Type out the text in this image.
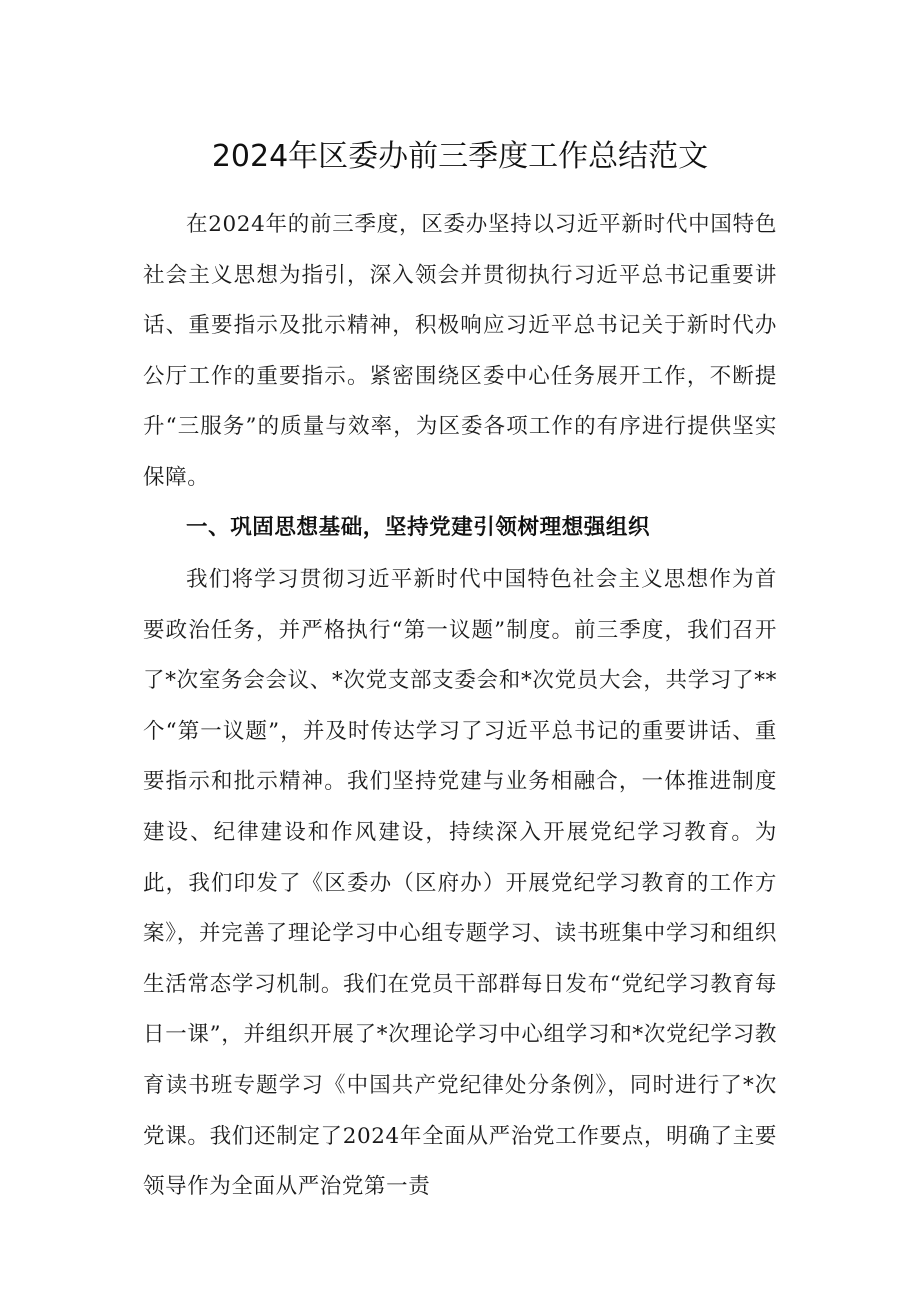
2024年区委办前三季度工作总结范文

在2024年的前三季度，区委办坚持以习近平新时代中国特色社会主义思想为指引，深入领会并贯彻执行习近平总书记重要讲话、重要指示及批示精神，积极响应习近平总书记关于新时代办公厅工作的重要指示。紧密围绕区委中心任务展开工作，不断提升“三服务”的质量与效率，为区委各项工作的有序进行提供坚实保障。

一、巩固思想基础，坚持党建引领树理想强组织

我们将学习贯彻习近平新时代中国特色社会主义思想作为首要政治任务，并严格执行“第一议题”制度。前三季度，我们召开了*次室务会会议、*次党支部支委会和*次党员大会，共学习了**个“第一议题”，并及时传达学习了习近平总书记的重要讲话、重要指示和批示精神。我们坚持党建与业务相融合，一体推进制度建设、纪律建设和作风建设，持续深入开展党纪学习教育。为此，我们印发了《区委办（区府办）开展党纪学习教育的工作方案》，并完善了理论学习中心组专题学习、读书班集中学习和组织生活常态学习机制。我们在党员干部群每日发布“党纪学习教育每日一课”，并组织开展了*次理论学习中心组学习和*次党纪学习教育读书班专题学习《中国共产党纪律处分条例》，同时进行了*次党课。我们还制定了2024年全面从严治党工作要点，明确了主要领导作为全面从严治党第一责
